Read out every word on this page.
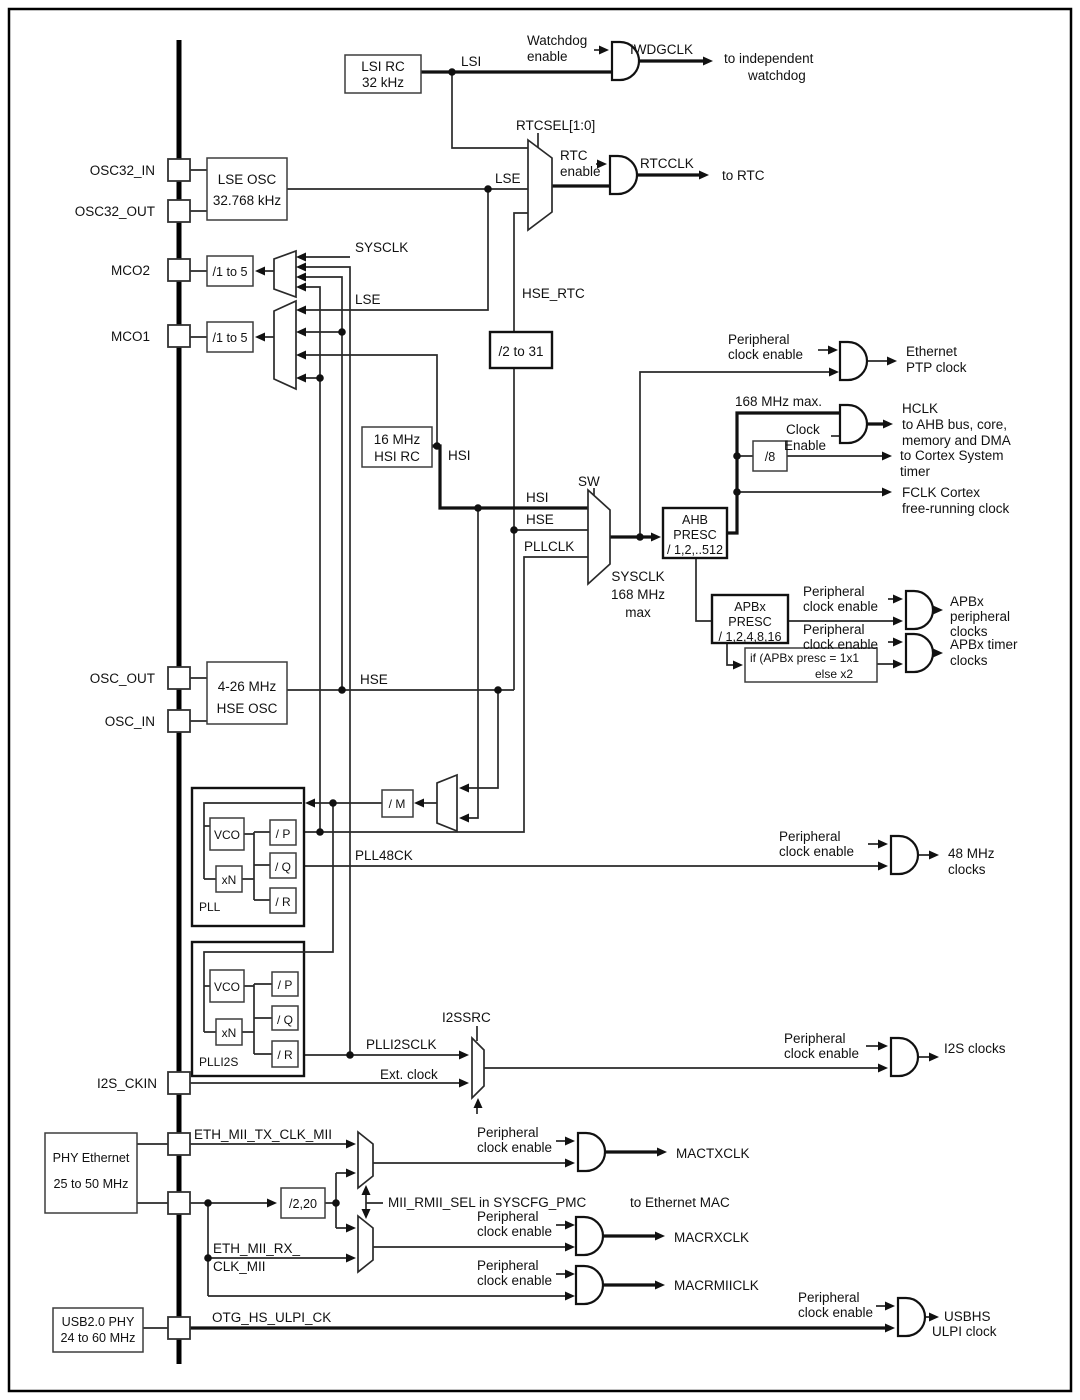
LSI RC
32 kHz
LSI
Watchdog
enable	IWDGCLK
to independent
watchdog
RTCSEL[1:0]
LSE
RTC
enable
RTCCLK
to RTC
OSC32_IN
OSC32_OUT
LSE OSC
32.768 kHz
MCO2
MCO1
/1 to 5
/1 to 5
SYSCLK
LSE	HSE_RTC
/2 to 31
16 MHz
HSI RC HSI
SW
HSI
HSE
PLLCLK
SYSCLK
168 MHz
max
AHB
PRESC
/ 1,2,..512
Peripheral
clock enable	Ethernet
PTP clock
168 MHz max.
Clock
Enable
HCLK
to AHB bus, core,
memory and DMA
/8	to Cortex System
timer
FCLK Cortex
free-running clock
APBx
PRESC
/ 1,2,4,8,16
Peripheral
clock enable	APBx
peripheral
clocks
Peripheral
clock enable
if (APBx presc = 1x1
else x2
APBx timer
clocks
OSC_OUT
OSC_IN
4-26 MHz
HSE OSC
HSE
/ M
PLL
VCO
xN
/ P
/ Q
/ R
PLL48CK
Peripheral
clock enable	48 MHz
clocks
PLLI2S
VCO
xN
/ P
/ Q
/ R
PLLI2SCLK
Ext. clock
I2SSRC
Peripheral
clock enable	I2S clocks
I2S_CKIN
PHY Ethernet
25 to 50 MHz
ETH_MII_TX_CLK_MII
/2,20	MII_RMII_SEL in SYSCFG_PMC	to Ethernet MAC
ETH_MII_RX_
CLK_MII
Peripheral
clock enable	MACTXCLK
Peripheral
clock enable	MACRXCLK
Peripheral
clock enable	MACRMIICLK
USB2.0 PHY
24 to 60 MHz
OTG_HS_ULPI_CK
Peripheral
clock enable	USBHS
ULPI clock
